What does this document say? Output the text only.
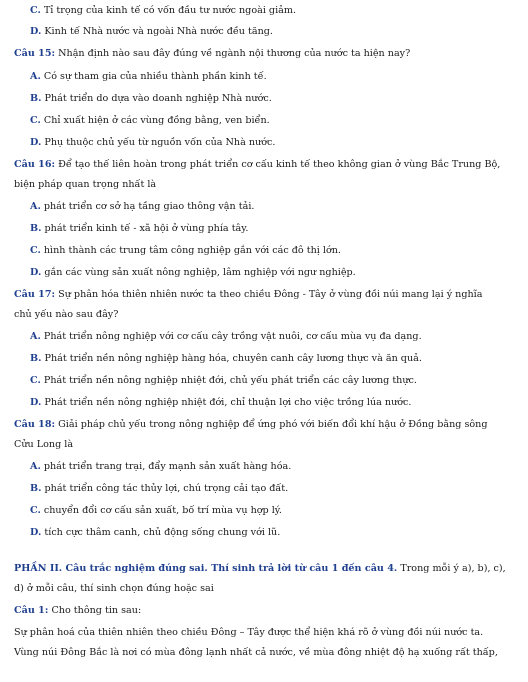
C. Tỉ trọng của kinh tế có vốn đầu tư nước ngoài giảm.
D. Kinh tế Nhà nước và ngoài Nhà nước đều tăng.
Câu 15: Nhận định nào sau đây đúng về ngành nội thương của nước ta hiện nay?
A. Có sự tham gia của nhiều thành phần kinh tế.
B. Phát triển do dựa vào doanh nghiệp Nhà nước.
C. Chỉ xuất hiện ở các vùng đồng bằng, ven biển.
D. Phụ thuộc chủ yếu từ nguồn vốn của Nhà nước.
Câu 16: Để tạo thế liên hoàn trong phát triển cơ cấu kinh tế theo không gian ở vùng Bắc Trung Bộ,
biện pháp quan trọng nhất là
A. phát triển cơ sở hạ tầng giao thông vận tải.
B. phát triển kinh tế - xã hội ở vùng phía tây.
C. hình thành các trung tâm công nghiệp gắn với các đô thị lớn.
D. gắn các vùng sản xuất nông nghiệp, lâm nghiệp với ngư nghiệp.
Câu 17: Sự phân hóa thiên nhiên nước ta theo chiều Đông - Tây ở vùng đồi núi mang lại ý nghĩa
chủ yếu nào sau đây?
A. Phát triển nông nghiệp với cơ cấu cây trồng vật nuôi, cơ cấu mùa vụ đa dạng.
B. Phát triển nền nông nghiệp hàng hóa, chuyên canh cây lương thực và ăn quả.
C. Phát triển nền nông nghiệp nhiệt đới, chủ yếu phát triển các cây lương thực.
D. Phát triển nền nông nghiệp nhiệt đới, chỉ thuận lợi cho việc trồng lúa nước.
Câu 18: Giải pháp chủ yếu trong nông nghiệp để ứng phó với biến đổi khí hậu ở Đồng bằng sông
Cửu Long là
A. phát triển trang trại, đẩy mạnh sản xuất hàng hóa.
B. phát triển công tác thủy lợi, chú trọng cải tạo đất.
C. chuyển đổi cơ cấu sản xuất, bố trí mùa vụ hợp lý.
D. tích cực thâm canh, chủ động sống chung với lũ.
PHẦN II. Câu trắc nghiệm đúng sai. Thí sinh trả lời từ câu 1 đến câu 4. Trong mỗi ý a), b), c),
d) ở mỗi câu, thí sinh chọn đúng hoặc sai
Câu 1: Cho thông tin sau:
Sự phân hoá của thiên nhiên theo chiều Đông – Tây được thể hiện khá rõ ở vùng đồi núi nước ta.
Vùng núi Đông Bắc là nơi có mùa đông lạnh nhất cả nước, về mùa đông nhiệt độ hạ xuống rất thấp,
